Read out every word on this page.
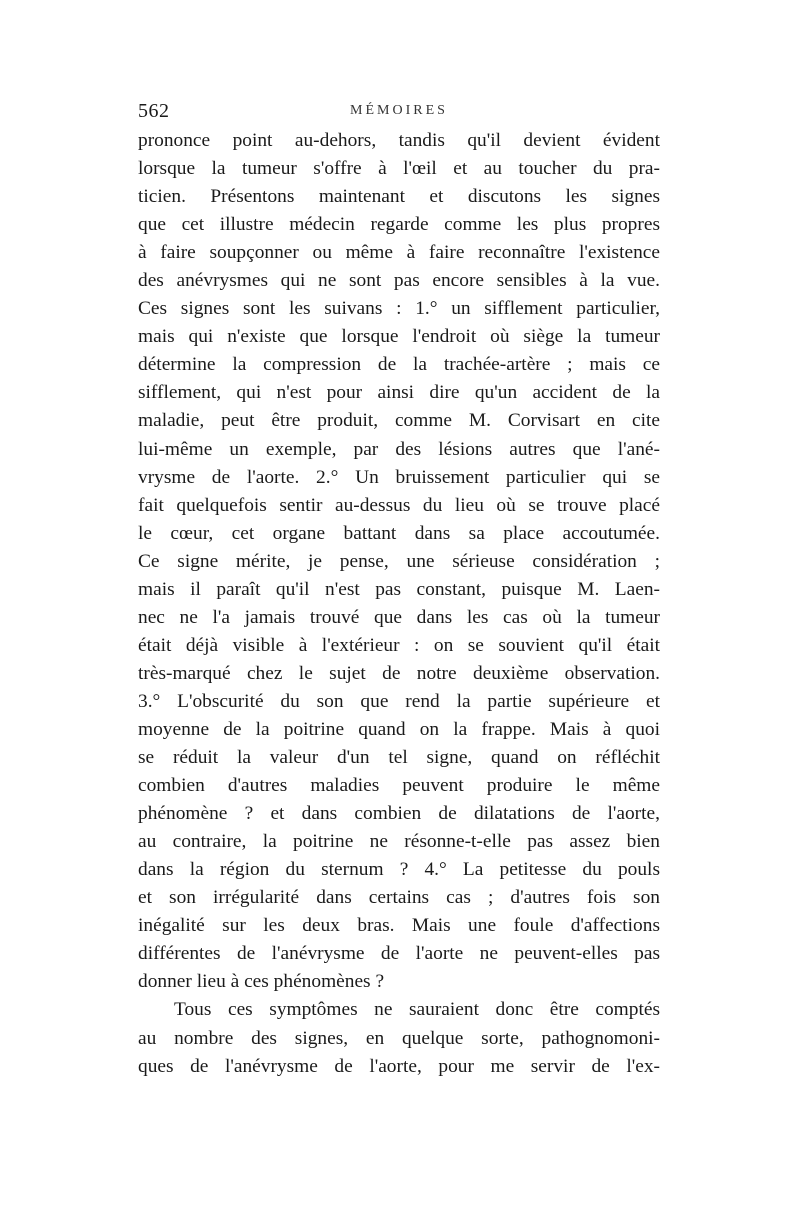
562	MÉMOIRES
prononce point au-dehors, tandis qu'il devient évident
lorsque la tumeur s'offre à l'œil et au toucher du pra-
ticien. Présentons maintenant et discutons les signes
que cet illustre médecin regarde comme les plus propres
à faire soupçonner ou même à faire reconnaître l'existence
des anévrysmes qui ne sont pas encore sensibles à la vue.
Ces signes sont les suivans : 1.° un sifflement particulier,
mais qui n'existe que lorsque l'endroit où siège la tumeur
détermine la compression de la trachée-artère ; mais ce
sifflement, qui n'est pour ainsi dire qu'un accident de la
maladie, peut être produit, comme M. Corvisart en cite
lui-même un exemple, par des lésions autres que l'ané-
vrysme de l'aorte. 2.° Un bruissement particulier qui se
fait quelquefois sentir au-dessus du lieu où se trouve placé
le cœur, cet organe battant dans sa place accoutumée.
Ce signe mérite, je pense, une sérieuse considération ;
mais il paraît qu'il n'est pas constant, puisque M. Laen-
nec ne l'a jamais trouvé que dans les cas où la tumeur
était déjà visible à l'extérieur : on se souvient qu'il était
très-marqué chez le sujet de notre deuxième observation.
3.° L'obscurité du son que rend la partie supérieure et
moyenne de la poitrine quand on la frappe. Mais à quoi
se réduit la valeur d'un tel signe, quand on réfléchit
combien d'autres maladies peuvent produire le même
phénomène ? et dans combien de dilatations de l'aorte,
au contraire, la poitrine ne résonne-t-elle pas assez bien
dans la région du sternum ? 4.° La petitesse du pouls
et son irrégularité dans certains cas ; d'autres fois son
inégalité sur les deux bras. Mais une foule d'affections
différentes de l'anévrysme de l'aorte ne peuvent-elles pas
donner lieu à ces phénomènes ?
Tous ces symptômes ne sauraient donc être comptés
au nombre des signes, en quelque sorte, pathognomoni-
ques de l'anévrysme de l'aorte, pour me servir de l'ex-
